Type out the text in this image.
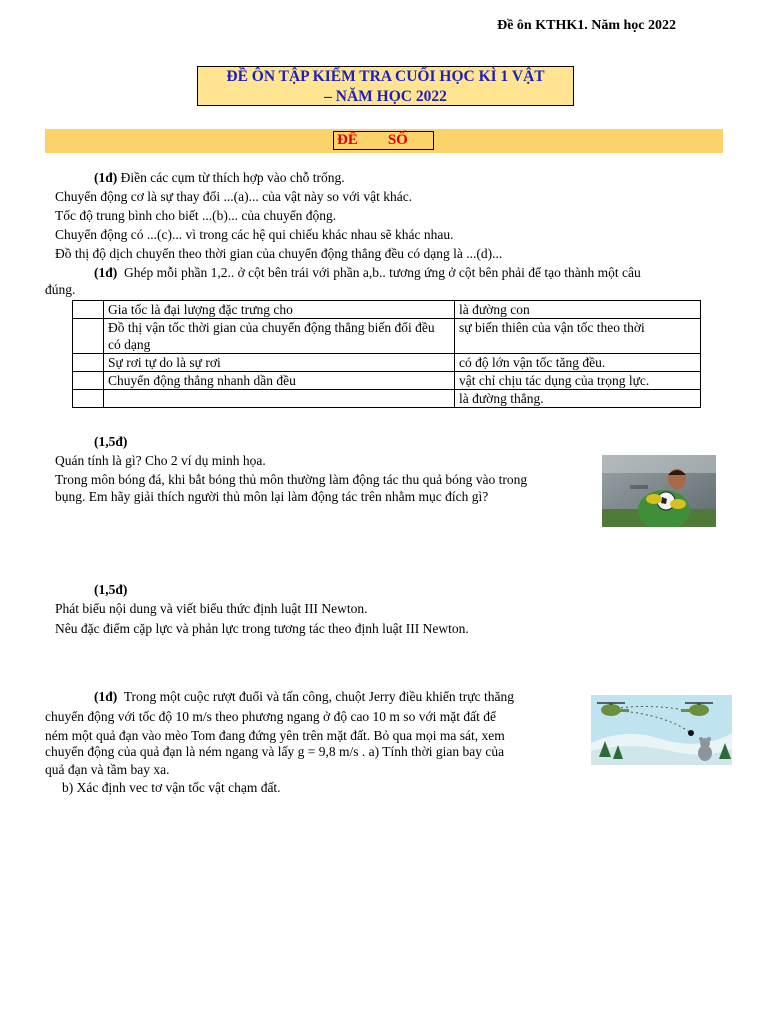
Đề ôn KTHK1. Năm học 2022
ĐỀ ÔN TẬP KIỂM TRA CUỐI HỌC KÌ 1 VẬT
– NĂM HỌC 2022
ĐỀ        SỐ
(1đ) Điền các cụm từ thích hợp vào chỗ trống.
Chuyển động cơ là sự thay đổi ...(a)... của vật này so với vật khác.
Tốc độ trung bình cho biết ...(b)... của chuyển động.
Chuyển động có ...(c)... vì trong các hệ qui chiếu khác nhau sẽ khác nhau.
Đồ thị độ dịch chuyển theo thời gian của chuyển động thẳng đều có dạng là ...(d)...
(1đ) Ghép mỗi phần 1,2.. ở cột bên trái với phần a,b.. tương ứng ở cột bên phải để tạo thành một câu
đúng.
	Gia tốc là đại lượng đặc trưng cho	là đường con
	Đồ thị vận tốc thời gian của chuyển động thẳng biến đổi đều có dạng	sự biến thiên của vận tốc theo thời
	Sự rơi tự do là sự rơi	có độ lớn vận tốc tăng đều.
	Chuyển động thẳng nhanh dần đều	vật chỉ chịu tác dụng của trọng lực.
		là đường thẳng.
(1,5đ)
Quán tính là gì? Cho 2 ví dụ minh họa.
Trong môn bóng đá, khi bắt bóng thủ môn thường làm động tác thu quả bóng vào trong
bụng. Em hãy giải thích người thủ môn lại làm động tác trên nhằm mục đích gì?
(1,5đ)
Phát biểu nội dung và viết biểu thức định luật III Newton.
Nêu đặc điểm cặp lực và phản lực trong tương tác theo định luật III Newton.
(1đ) Trong một cuộc rượt đuổi và tấn công, chuột Jerry điều khiển trực thăng
chuyển động với tốc độ 10 m/s theo phương ngang ở độ cao 10 m so với mặt đất để
ném một quả đạn vào mèo Tom đang đứng yên trên mặt đất. Bỏ qua mọi ma sát, xem
chuyển động của quả đạn là ném ngang và lấy g = 9,8 m/s . a) Tính thời gian bay của
quả đạn và tầm bay xa.
b) Xác định vec tơ vận tốc vật chạm đất.
